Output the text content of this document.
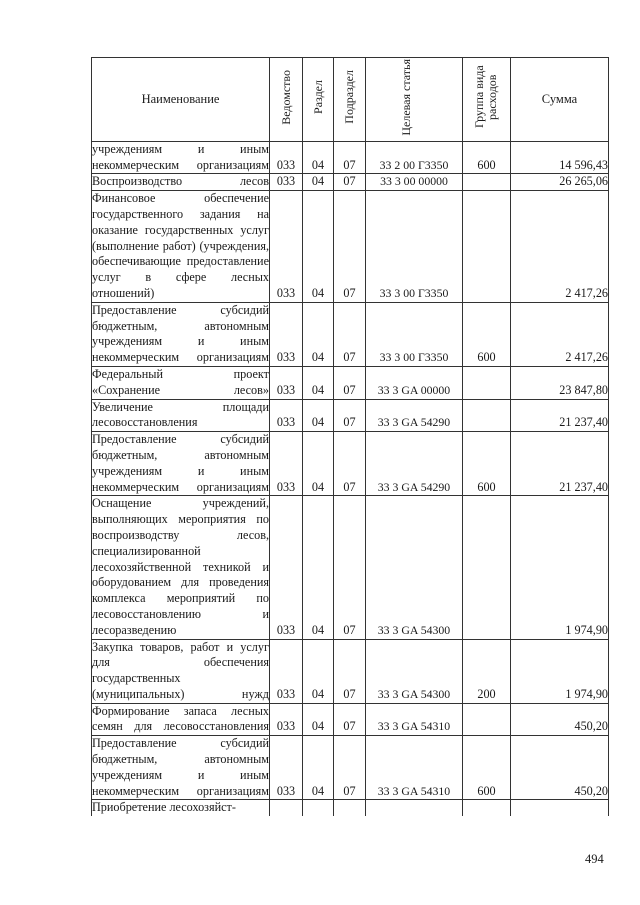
Наименование	Ведомство	Раздел	Подраздел	Целевая статья	Группа вида расходов	Сумма
учреждениям и иным некоммерческим организациям	033	04	07	33 2 00 Г3350	600	14 596,43
Воспроизводство лесов	033	04	07	33 3 00 00000		26 265,06
Финансовое обеспечение государственного задания на оказание государственных услуг (выполнение работ) (учреждения, обеспечивающие предоставление услуг в сфере лесных отношений)	033	04	07	33 3 00 Г3350		2 417,26
Предоставление субсидий бюджетным, автономным учреждениям и иным некоммерческим организациям	033	04	07	33 3 00 Г3350	600	2 417,26
Федеральный проект «Сохранение лесов»	033	04	07	33 3 GA 00000		23 847,80
Увеличение площади лесовосстановления	033	04	07	33 3 GA 54290		21 237,40
Предоставление субсидий бюджетным, автономным учреждениям и иным некоммерческим организациям	033	04	07	33 3 GA 54290	600	21 237,40
Оснащение учреждений, выполняющих мероприятия по воспроизводству лесов, специализированной лесохозяйственной техникой и оборудованием для проведения комплекса мероприятий по лесовосстановлению и лесоразведению	033	04	07	33 3 GA 54300		1 974,90
Закупка товаров, работ и услуг для обеспечения государственных (муниципальных) нужд	033	04	07	33 3 GA 54300	200	1 974,90
Формирование запаса лесных семян для лесовосстановления	033	04	07	33 3 GA 54310		450,20
Предоставление субсидий бюджетным, автономным учреждениям и иным некоммерческим организациям	033	04	07	33 3 GA 54310	600	450,20
Приобретение лесохозяйст-						
494
